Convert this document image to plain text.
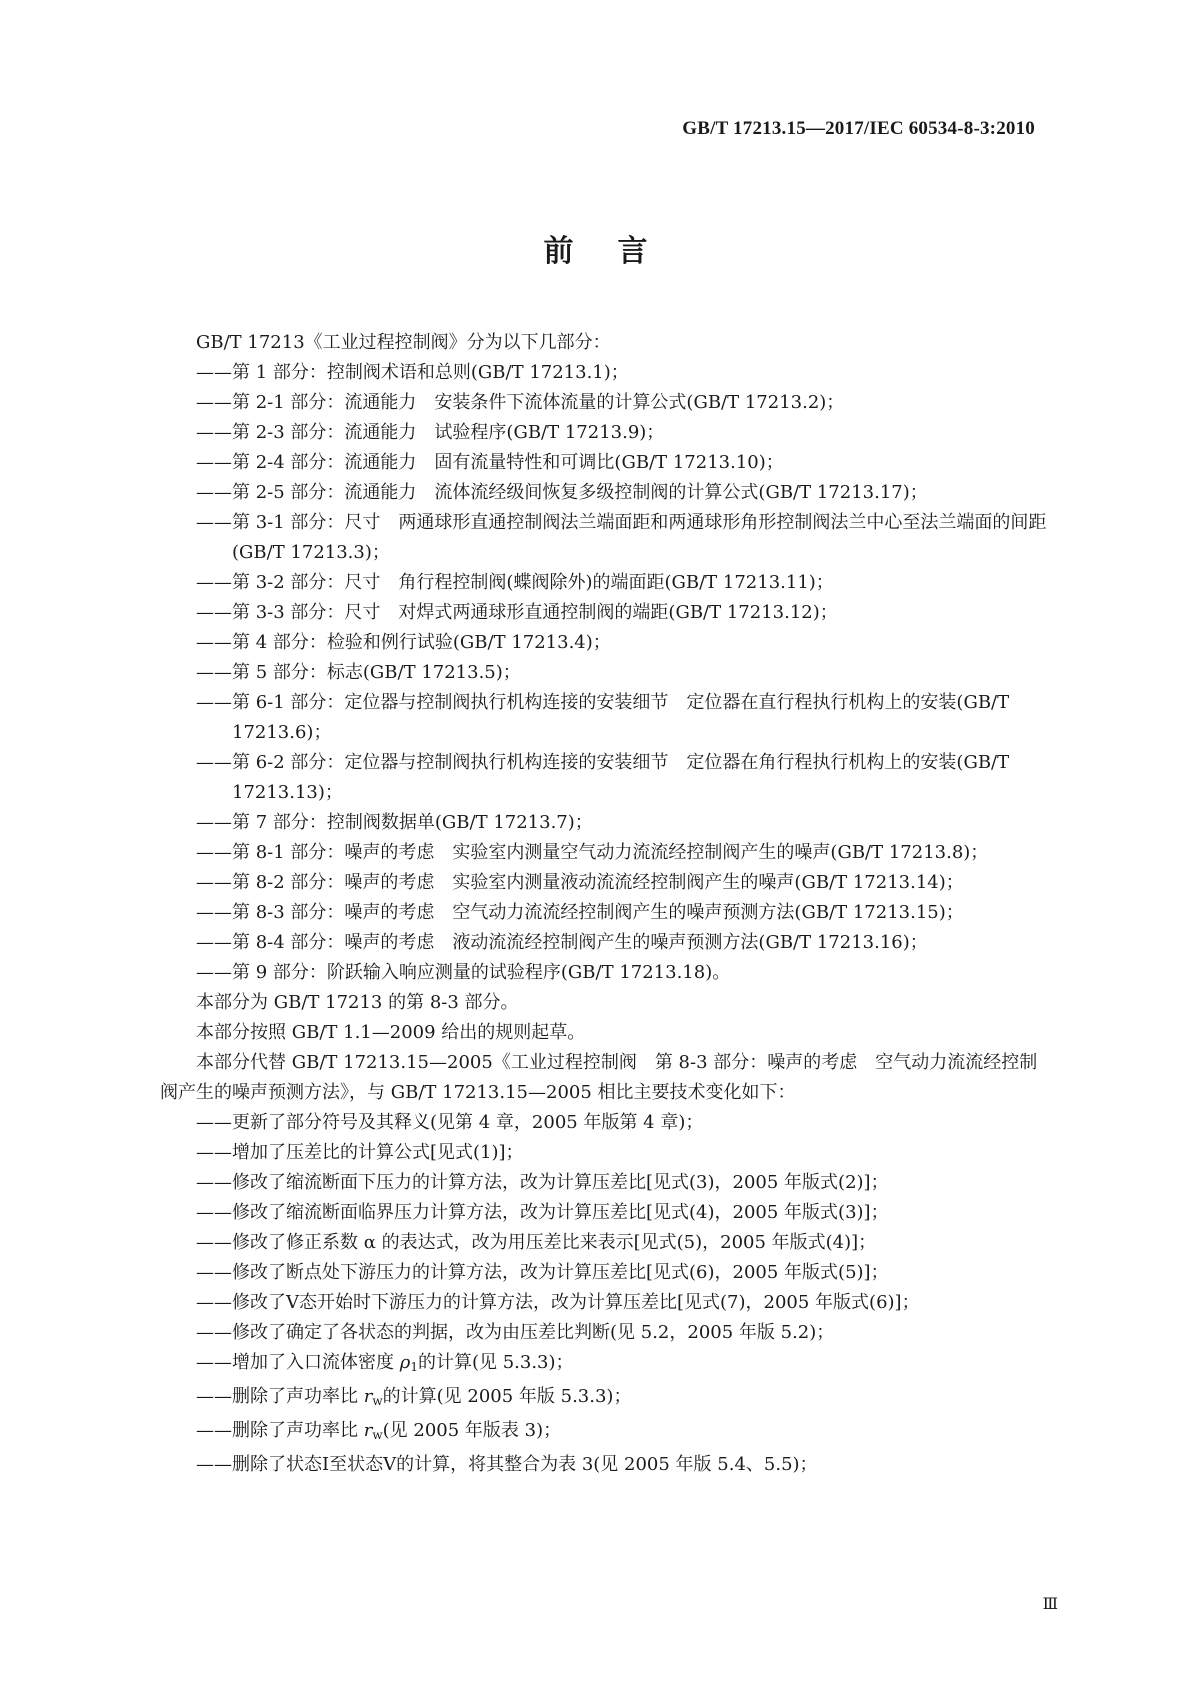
GB/T 17213.15—2017/IEC 60534-8-3:2010
前言

GB/T 17213《工业过程控制阀》分为以下几部分：

——第 1 部分：控制阀术语和总则(GB/T 17213.1)；

——第 2-1 部分：流通能力　安装条件下流体流量的计算公式(GB/T 17213.2)；

——第 2-3 部分：流通能力　试验程序(GB/T 17213.9)；

——第 2-4 部分：流通能力　固有流量特性和可调比(GB/T 17213.10)；

——第 2-5 部分：流通能力　流体流经级间恢复多级控制阀的计算公式(GB/T 17213.17)；

——第 3-1 部分：尺寸　两通球形直通控制阀法兰端面距和两通球形角形控制阀法兰中心至法兰端面的间距(GB/T 17213.3)；

——第 3-2 部分：尺寸　角行程控制阀(蝶阀除外)的端面距(GB/T 17213.11)；

——第 3-3 部分：尺寸　对焊式两通球形直通控制阀的端距(GB/T 17213.12)；

——第 4 部分：检验和例行试验(GB/T 17213.4)；

——第 5 部分：标志(GB/T 17213.5)；

——第 6-1 部分：定位器与控制阀执行机构连接的安装细节　定位器在直行程执行机构上的安装(GB/T 17213.6)；

——第 6-2 部分：定位器与控制阀执行机构连接的安装细节　定位器在角行程执行机构上的安装(GB/T 17213.13)；

——第 7 部分：控制阀数据单(GB/T 17213.7)；

——第 8-1 部分：噪声的考虑　实验室内测量空气动力流流经控制阀产生的噪声(GB/T 17213.8)；

——第 8-2 部分：噪声的考虑　实验室内测量液动流流经控制阀产生的噪声(GB/T 17213.14)；

——第 8-3 部分：噪声的考虑　空气动力流流经控制阀产生的噪声预测方法(GB/T 17213.15)；

——第 8-4 部分：噪声的考虑　液动流流经控制阀产生的噪声预测方法(GB/T 17213.16)；

——第 9 部分：阶跃输入响应测量的试验程序(GB/T 17213.18)。

本部分为 GB/T 17213 的第 8-3 部分。

本部分按照 GB/T 1.1—2009 给出的规则起草。

本部分代替 GB/T 17213.15—2005《工业过程控制阀　第 8-3 部分：噪声的考虑　空气动力流流经控制阀产生的噪声预测方法》，与 GB/T 17213.15—2005 相比主要技术变化如下：

——更新了部分符号及其释义(见第 4 章，2005 年版第 4 章)；

——增加了压差比的计算公式[见式(1)]；

——修改了缩流断面下压力的计算方法，改为计算压差比[见式(3)，2005 年版式(2)]；

——修改了缩流断面临界压力计算方法，改为计算压差比[见式(4)，2005 年版式(3)]；

——修改了修正系数 α 的表达式，改为用压差比来表示[见式(5)，2005 年版式(4)]；

——修改了断点处下游压力的计算方法，改为计算压差比[见式(6)，2005 年版式(5)]；

——修改了Ⅴ态开始时下游压力的计算方法，改为计算压差比[见式(7)，2005 年版式(6)]；

——修改了确定了各状态的判据，改为由压差比判断(见 5.2，2005 年版 5.2)；

——增加了入口流体密度 $\rho_1$的计算(见 5.3.3)；

——删除了声功率比 $r_w$的计算(见 2005 年版 5.3.3)；

——删除了声功率比 $r_w$(见 2005 年版表 3)；

——删除了状态Ⅰ至状态Ⅴ的计算，将其整合为表 3(见 2005 年版 5.4、5.5)；

Ⅲ
